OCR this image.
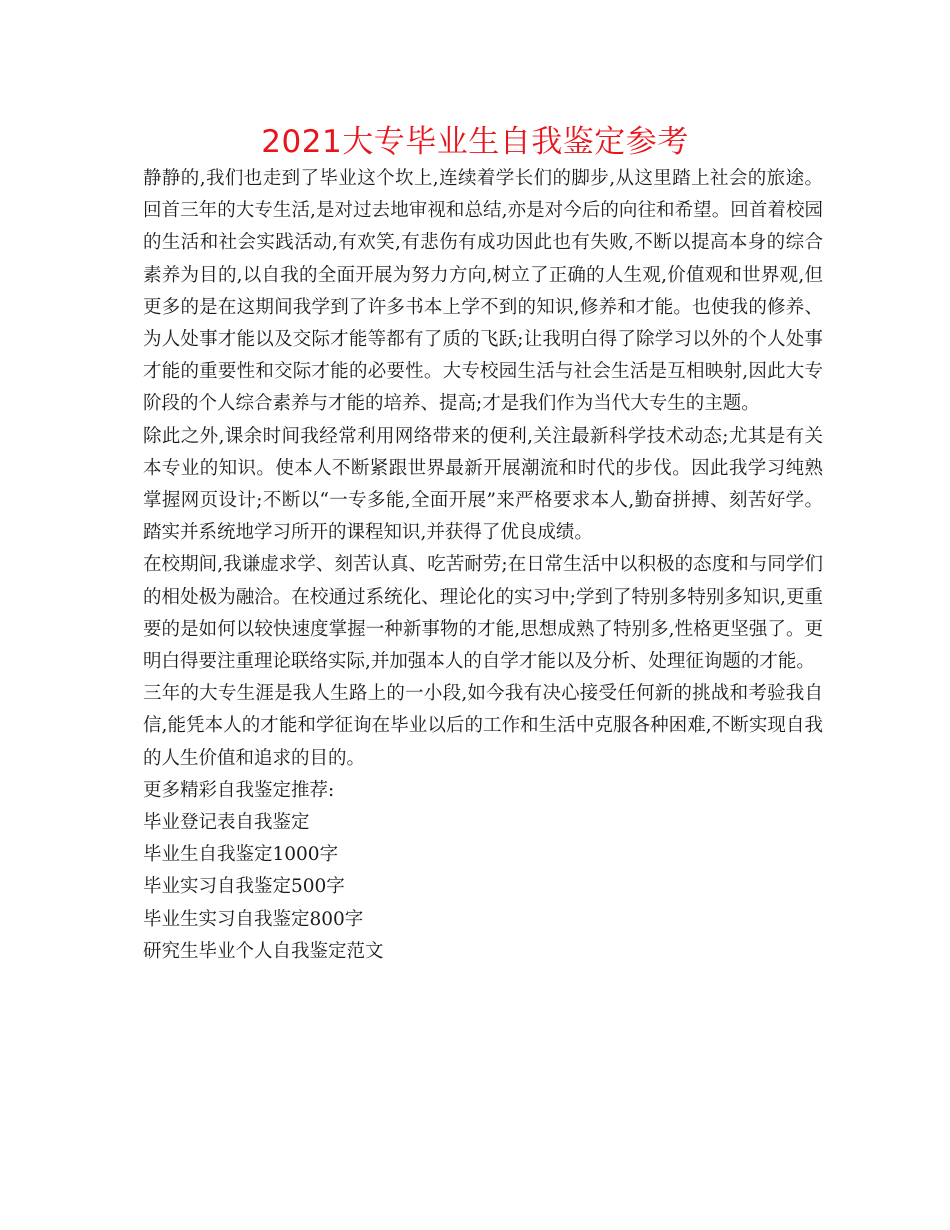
2021大专毕业生自我鉴定参考

静静的,我们也走到了毕业这个坎上,连续着学长们的脚步,从这里踏上社会的旅途。回首三年的大专生活,是对过去地审视和总结,亦是对今后的向往和希望。回首着校园的生活和社会实践活动,有欢笑,有悲伤有成功因此也有失败,不断以提高本身的综合素养为目的,以自我的全面开展为努力方向,树立了正确的人生观,价值观和世界观,但更多的是在这期间我学到了许多书本上学不到的知识,修养和才能。也使我的修养、为人处事才能以及交际才能等都有了质的飞跃;让我明白得了除学习以外的个人处事才能的重要性和交际才能的必要性。大专校园生活与社会生活是互相映射,因此大专阶段的个人综合素养与才能的培养、提高;才是我们作为当代大专生的主题。

除此之外,课余时间我经常利用网络带来的便利,关注最新科学技术动态;尤其是有关本专业的知识。使本人不断紧跟世界最新开展潮流和时代的步伐。因此我学习纯熟掌握网页设计;不断以“一专多能,全面开展”来严格要求本人,勤奋拼搏、刻苦好学。踏实并系统地学习所开的课程知识,并获得了优良成绩。

在校期间,我谦虚求学、刻苦认真、吃苦耐劳;在日常生活中以积极的态度和与同学们的相处极为融洽。在校通过系统化、理论化的实习中;学到了特别多特别多知识,更重要的是如何以较快速度掌握一种新事物的才能,思想成熟了特别多,性格更坚强了。更明白得要注重理论联络实际,并加强本人的自学才能以及分析、处理征询题的才能。

三年的大专生涯是我人生路上的一小段,如今我有决心接受任何新的挑战和考验我自信,能凭本人的才能和学征询在毕业以后的工作和生活中克服各种困难,不断实现自我的人生价值和追求的目的。

更多精彩自我鉴定推荐:

毕业登记表自我鉴定
毕业生自我鉴定1000字
毕业实习自我鉴定500字
毕业生实习自我鉴定800字
研究生毕业个人自我鉴定范文
